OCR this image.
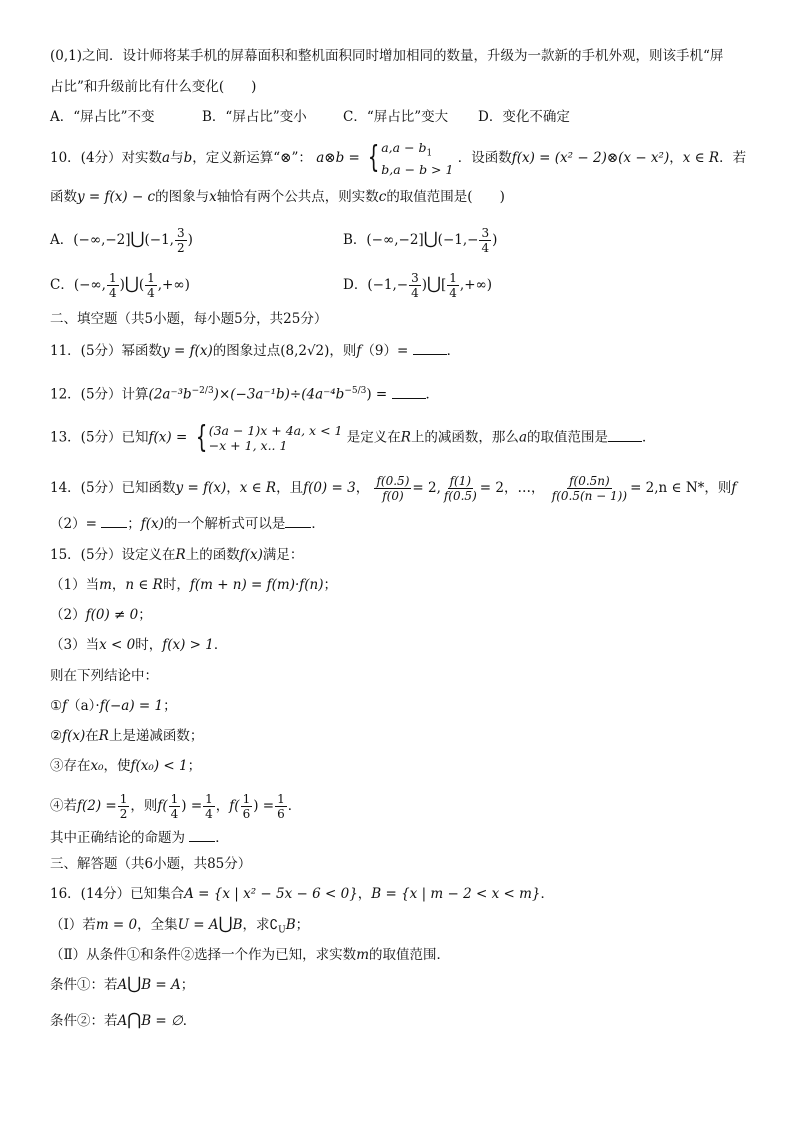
(0,1)之间．设计师将某手机的屏幕面积和整机面积同时增加相同的数量，升级为一款新的手机外观，则该手机“屏
占比”和升级前比有什么变化(　　)
A．“屏占比”不变	B．“屏占比”变小	C．“屏占比”变大 D．变化不确定
10．(4分）对实数a与b，定义新运算“⊗”： a⊗b = { $a,a - b_1$
b,a − b > 1
．设函数f(x) = (x² − 2)⊗(x − x²)，x ∈ R．若
函数y = f(x) − c的图象与x轴恰有两个公共点，则实数c的取值范围是(　　)
A．(−∞,−2]⋃(−1, $\frac{3}{2}$ )	B．(−∞,−2]⋃(−1,− $\frac{3}{4}$ )
C．(−∞, $\frac{1}{4}$ )⋃( $\frac{1}{4}$ ,+∞)	D．($-1,- \frac{3}{4}$ )⋃[ $\frac{1}{4}$ ,+∞)
二、填空题（共5小题，每小题5分，共25分）
11．(5分）幂函数y = f(x)的图象过点(8,2√2)，则f（9）=	．
12．(5分）计算$(2a^{-3}b^{-2/3})\times(-3a^{-1}b)\div(4a^{-4}b^{-5/3})$ =	．
13．(5分）已知f(x) = { (3a − 1)x + 4a, x < 1
−x + 1, x.. 1	是定义在R上的减函数，那么a的取值范围是	．
14．(5分）已知函数y = f(x)，x ∈ R，且f(0) = 3， $\frac{f(0.5)}{f(0)} = 2$, $\frac{f(1)}{f(0.5)} = 2$，…， $\frac{f(0.5n)}{f(0.5(n - 1))} = 2,n$ ∈ N*，则f
（2）= ；f(x)的一个解析式可以是 ．
15．(5分）设定义在R上的函数f(x)满足：
（1）当m，n ∈ R时，f(m + n) = f(m)·f(n)；
（2）f(0) ≠ 0；
（3）当x < 0时，f(x) > 1．
则在下列结论中：
①f（a）·f(−a) = 1；
②f(x)在R上是递减函数；
③存在x₀，使f(x₀) < 1；
④若$f(2) = \frac{1}{2}$ ，则$f( \frac{1}{4}$ ) = $\frac{1}{4}$ ，$f( \frac{1}{6}$ ) = $\frac{1}{6}$ ．
其中正确结论的命题为 ．
三、解答题（共6小题，共85分）
16．(14分）已知集合A = {x | x² − 5x − 6 < 0}，B = {x | m − 2 < x < m}．
（Ⅰ）若m = 0，全集U = A⋃B，求$∁_UB$；
（Ⅱ）从条件①和条件②选择一个作为已知，求实数m的取值范围．
条件①：若A⋃B = A；
条件②：若A⋂B = ∅．
